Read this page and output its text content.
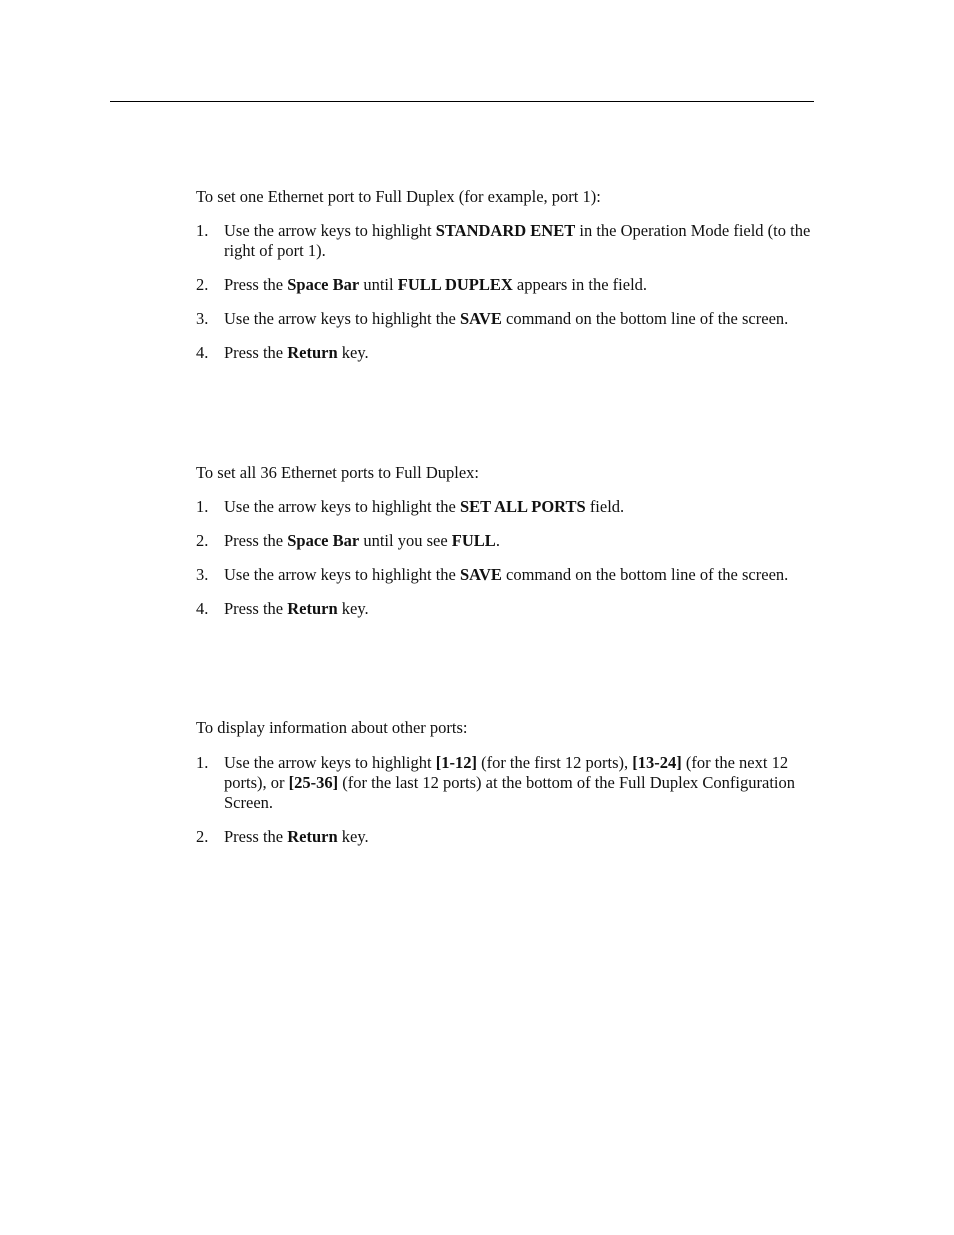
To set one Ethernet port to Full Duplex (for example, port 1):

1. Use the arrow keys to highlight STANDARD ENET in the Operation Mode field (to the right of port 1).
2. Press the Space Bar until FULL DUPLEX appears in the field.
3. Use the arrow keys to highlight the SAVE command on the bottom line of the screen.
4. Press the Return key.

To set all 36 Ethernet ports to Full Duplex:

1. Use the arrow keys to highlight the SET ALL PORTS field.
2. Press the Space Bar until you see FULL.
3. Use the arrow keys to highlight the SAVE command on the bottom line of the screen.
4. Press the Return key.

To display information about other ports:

1. Use the arrow keys to highlight [1-12] (for the first 12 ports), [13-24] (for the next 12 ports), or [25-36] (for the last 12 ports) at the bottom of the Full Duplex Configuration Screen.
2. Press the Return key.
